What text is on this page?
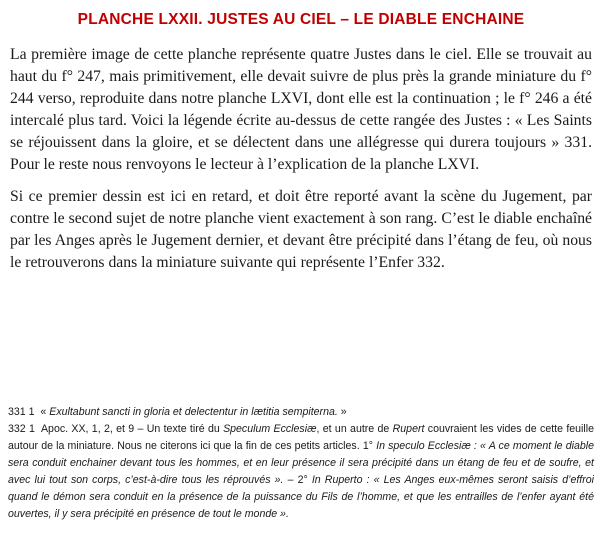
PLANCHE LXXII. JUSTES AU CIEL – LE DIABLE ENCHAINE

La première image de cette planche représente quatre Justes dans le ciel. Elle se trouvait au haut du f° 247, mais primitivement, elle devait suivre de plus près la grande miniature du f° 244 verso, reproduite dans notre planche LXVI, dont elle est la continuation ; le f° 246 a été intercalé plus tard. Voici la légende écrite au-dessus de cette rangée des Justes : « Les Saints se réjouissent dans la gloire, et se délectent dans une allégresse qui durera toujours » 331. Pour le reste nous renvoyons le lecteur à l’explication de la planche LXVI.

Si ce premier dessin est ici en retard, et doit être reporté avant la scène du Jugement, par contre le second sujet de notre planche vient exactement à son rang. C’est le diable enchaîné par les Anges après le Jugement dernier, et devant être précipité dans l’étang de feu, où nous le retrouverons dans la miniature suivante qui représente l’Enfer 332.

331 1 « Exultabunt sancti in gloria et delectentur in lætitia sempiterna. »

332 1 Apoc. XX, 1, 2, et 9 – Un texte tiré du Speculum Ecclesiæ, et un autre de Rupert couvraient les vides de cette feuille autour de la miniature. Nous ne citerons ici que la fin de ces petits articles. 1° In speculo Ecclesiæ : « A ce moment le diable sera conduit enchainer devant tous les hommes, et en leur présence il sera précipité dans un étang de feu et de soufre, et avec lui tout son corps, c’est-à-dire tous les réprouvés ». – 2° In Ruperto : « Les Anges eux-mêmes seront saisis d’effroi quand le démon sera conduit en la présence de la puissance du Fils de l’homme, et que les entrailles de l’enfer ayant été ouvertes, il y sera précipité en présence de tout le monde ».
